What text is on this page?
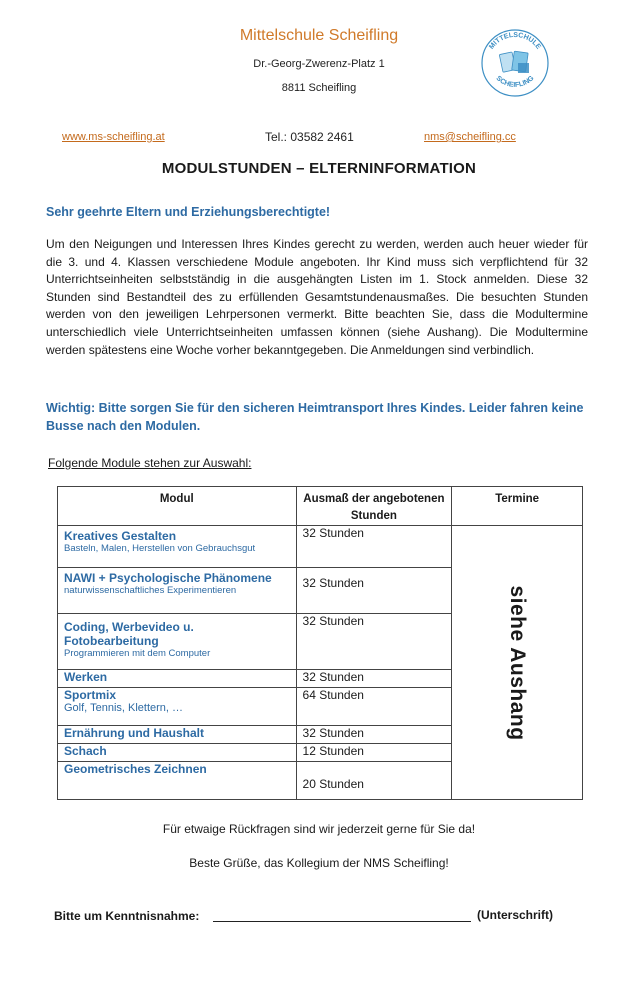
Mittelschule Scheifling
Dr.-Georg-Zwerenz-Platz 1
8811 Scheifling
MITTELSCHULE
SCHEIFLING
www.ms-scheifling.at	Tel.: 03582 2461	nms@scheifling.cc
MODULSTUNDEN – ELTERNINFORMATION
Sehr geehrte Eltern und Erziehungsberechtigte!
Um den Neigungen und Interessen Ihres Kindes gerecht zu werden, werden auch heuer wieder für die 3. und 4. Klassen verschiedene Module angeboten. Ihr Kind muss sich verpflichtend für 32 Unterrichtseinheiten selbstständig in die ausgehängten Listen im 1. Stock anmelden. Diese 32 Stunden sind Bestandteil des zu erfüllenden Gesamtstundenausmaßes. Die besuchten Stunden werden von den jeweiligen Lehrpersonen vermerkt. Bitte beachten Sie, dass die Modultermine unterschiedlich viele Unterrichtseinheiten umfassen können (siehe Aushang). Die Modultermine werden spätestens eine Woche vorher bekanntgegeben. Die Anmeldungen sind verbindlich.
Wichtig: Bitte sorgen Sie für den sicheren Heimtransport Ihres Kindes. Leider fahren keine Busse nach den Modulen.
Folgende Module stehen zur Auswahl:
Modul	Ausmaß der angebotenen Stunden	Termine

Kreatives Gestalten
Basteln, Malen, Herstellen von Gebrauchsgut	32 Stunden	siehe Aushang

NAWI + Psychologische Phänomene
naturwissenschaftliches Experimentieren	32 Stunden	

Coding, Werbevideo u. Fotobearbeitung
Programmieren mit dem Computer	32 Stunden	

Werken	32 Stunden	

Sportmix
Golf, Tennis, Klettern, …	64 Stunden	

Ernährung und Haushalt	32 Stunden	

Schach	12 Stunden	

Geometrisches Zeichnen	20 Stunden	
Für etwaige Rückfragen sind wir jederzeit gerne für Sie da!
Beste Grüße, das Kollegium der NMS Scheifling!
Bitte um Kenntnisnahme:	(Unterschrift)
